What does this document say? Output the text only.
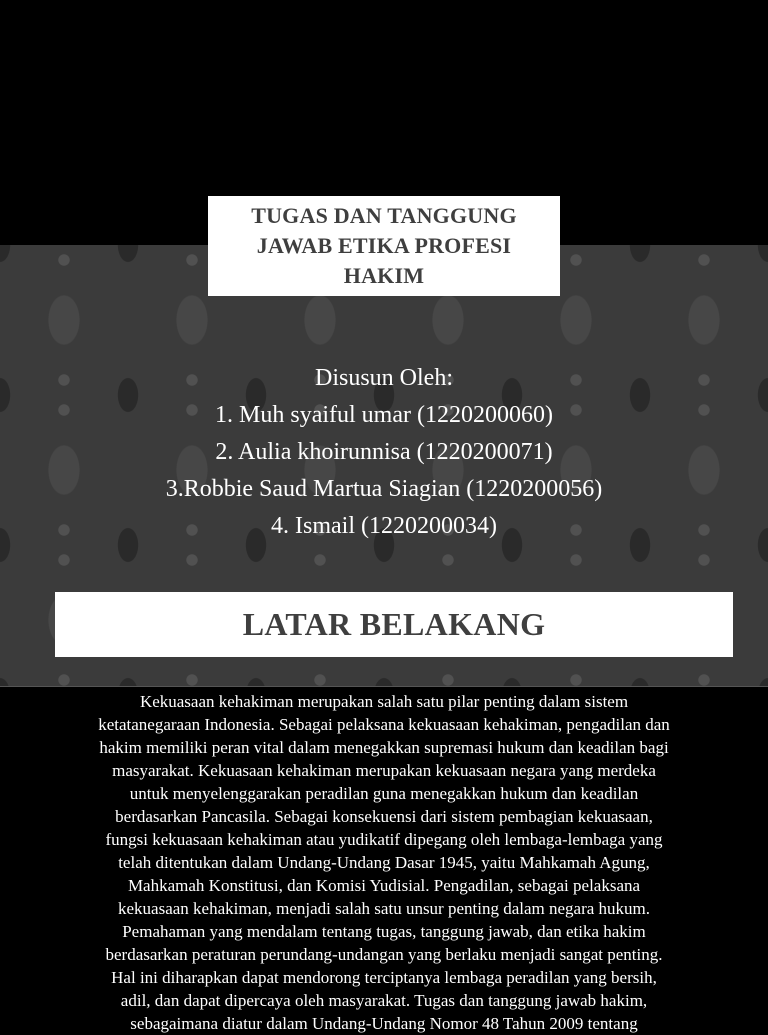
TUGAS DAN TANGGUNG
JAWAB ETIKA PROFESI
HAKIM
Disusun Oleh:
1. Muh syaiful umar (1220200060)
2. Aulia khoirunnisa (1220200071)
3.Robbie Saud Martua Siagian (1220200056)
4. Ismail (1220200034)
LATAR BELAKANG
Kekuasaan kehakiman merupakan salah satu pilar penting dalam sistem
ketatanegaraan Indonesia. Sebagai pelaksana kekuasaan kehakiman, pengadilan dan
hakim memiliki peran vital dalam menegakkan supremasi hukum dan keadilan bagi
masyarakat. Kekuasaan kehakiman merupakan kekuasaan negara yang merdeka
untuk menyelenggarakan peradilan guna menegakkan hukum dan keadilan
berdasarkan Pancasila. Sebagai konsekuensi dari sistem pembagian kekuasaan,
fungsi kekuasaan kehakiman atau yudikatif dipegang oleh lembaga-lembaga yang
telah ditentukan dalam Undang-Undang Dasar 1945, yaitu Mahkamah Agung,
Mahkamah Konstitusi, dan Komisi Yudisial. Pengadilan, sebagai pelaksana
kekuasaan kehakiman, menjadi salah satu unsur penting dalam negara hukum.
Pemahaman yang mendalam tentang tugas, tanggung jawab, dan etika hakim
berdasarkan peraturan perundang-undangan yang berlaku menjadi sangat penting.
Hal ini diharapkan dapat mendorong terciptanya lembaga peradilan yang bersih,
adil, dan dapat dipercaya oleh masyarakat. Tugas dan tanggung jawab hakim,
sebagaimana diatur dalam Undang-Undang Nomor 48 Tahun 2009 tentang
